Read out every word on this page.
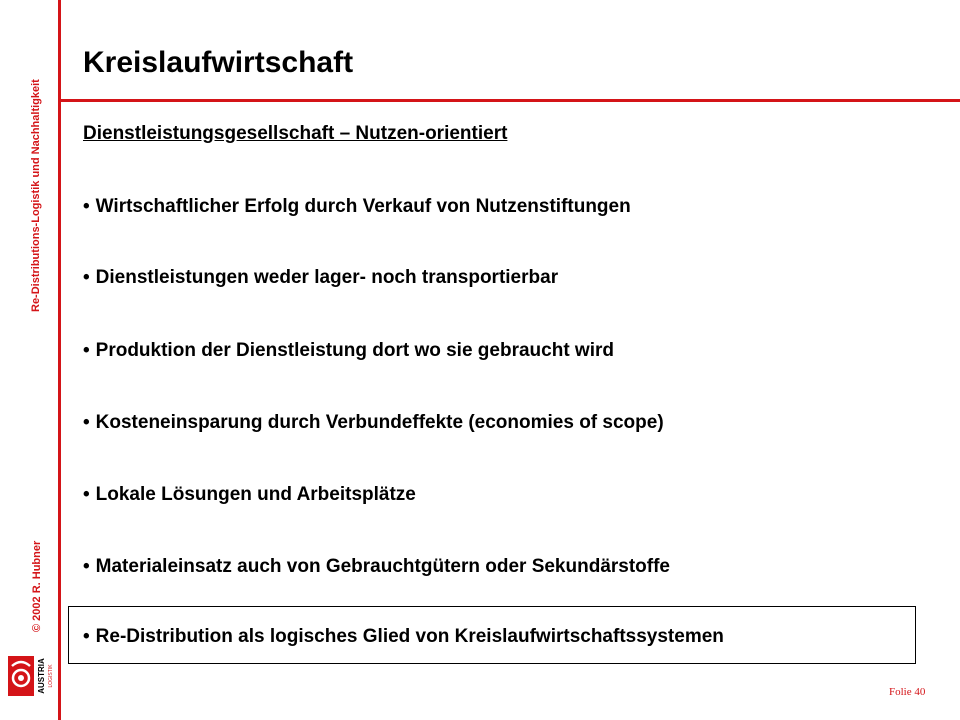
Re-Distributions-Logistik und Nachhaltigkeit
© 2002 R. Hubner
Kreislaufwirtschaft
Dienstleistungsgesellschaft – Nutzen-orientiert
• Wirtschaftlicher Erfolg durch Verkauf von Nutzenstiftungen
• Dienstleistungen weder lager- noch transportierbar
• Produktion der Dienstleistung dort wo sie gebraucht wird
• Kosteneinsparung durch Verbundeffekte (economies of scope)
• Lokale Lösungen und Arbeitsplätze
• Materialeinsatz auch von Gebrauchtgütern oder Sekundärstoffe
• Re-Distribution als logisches Glied von Kreislaufwirtschaftssystemen
AUSTRIA LOGISTIK
Folie 40
